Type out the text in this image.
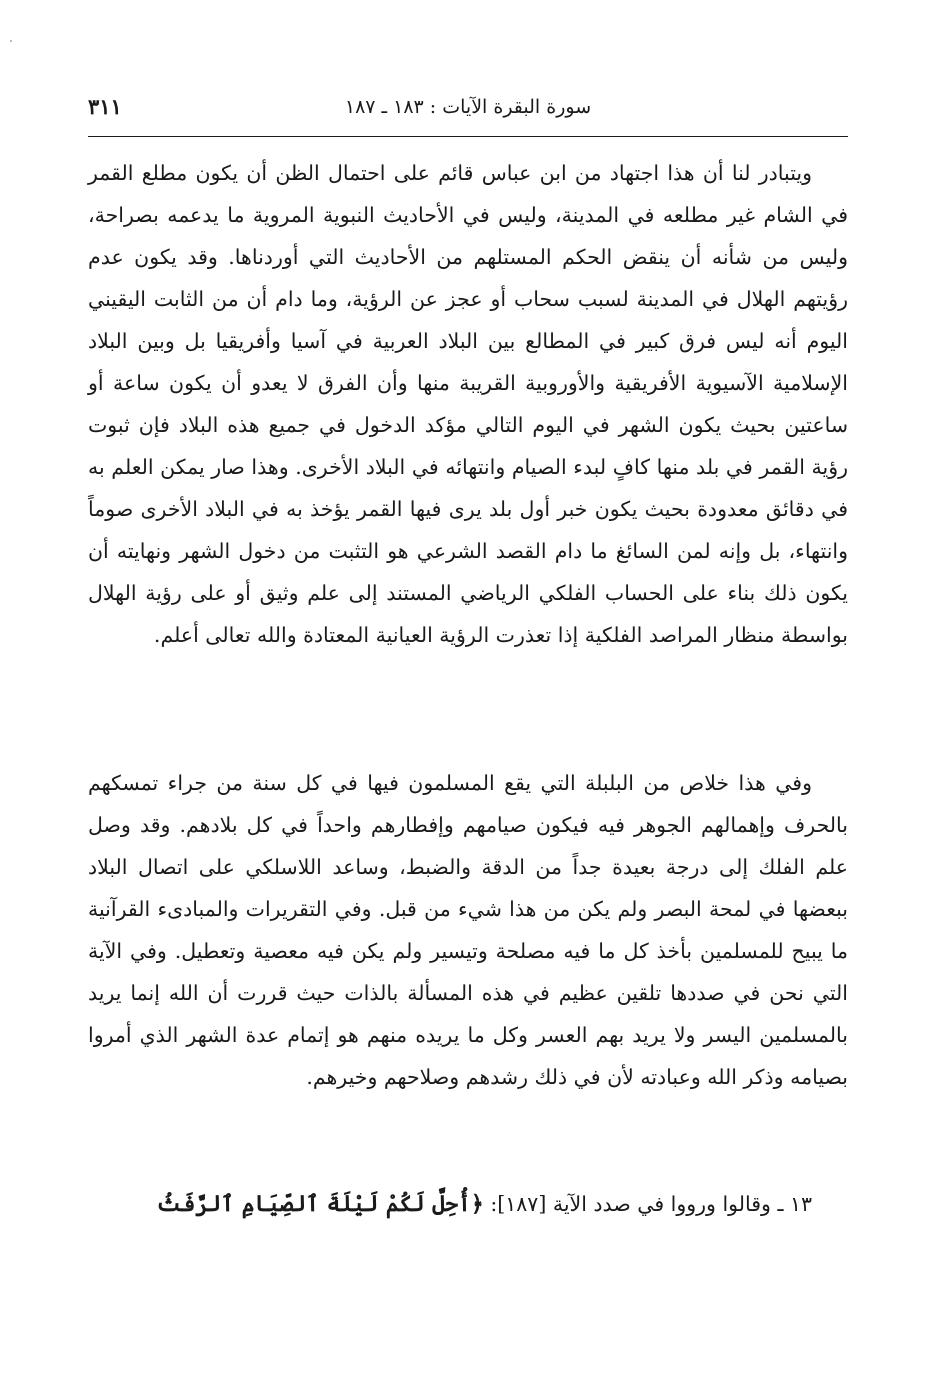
سورة البقرة الآيات : ١٨٣ ـ ١٨٧
٣١١

ويتبادر لنا أن هذا اجتهاد من ابن عباس قائم على احتمال الظن أن يكون مطلع القمر في الشام غير مطلعه في المدينة، وليس في الأحاديث النبوية المروية ما يدعمه بصراحة، وليس من شأنه أن ينقض الحكم المستلهم من الأحاديث التي أوردناها. وقد يكون عدم رؤيتهم الهلال في المدينة لسبب سحاب أو عجز عن الرؤية، وما دام أن من الثابت اليقيني اليوم أنه ليس فرق كبير في المطالع بين البلاد العربية في آسيا وأفريقيا بل وبين البلاد الإسلامية الآسيوية الأفريقية والأوروبية القريبة منها وأن الفرق لا يعدو أن يكون ساعة أو ساعتين بحيث يكون الشهر في اليوم التالي مؤكد الدخول في جميع هذه البلاد فإن ثبوت رؤية القمر في بلد منها كافٍ لبدء الصيام وانتهائه في البلاد الأخرى. وهذا صار يمكن العلم به في دقائق معدودة بحيث يكون خبر أول بلد يرى فيها القمر يؤخذ به في البلاد الأخرى صوماً وانتهاء، بل وإنه لمن السائغ ما دام القصد الشرعي هو التثبت من دخول الشهر ونهايته أن يكون ذلك بناء على الحساب الفلكي الرياضي المستند إلى علم وثيق أو على رؤية الهلال بواسطة منظار المراصد الفلكية إذا تعذرت الرؤية العيانية المعتادة والله تعالى أعلم.

وفي هذا خلاص من البلبلة التي يقع المسلمون فيها في كل سنة من جراء تمسكهم بالحرف وإهمالهم الجوهر فيه فيكون صيامهم وإفطارهم واحداً في كل بلادهم. وقد وصل علم الفلك إلى درجة بعيدة جداً من الدقة والضبط، وساعد اللاسلكي على اتصال البلاد ببعضها في لمحة البصر ولم يكن من هذا شيء من قبل. وفي التقريرات والمبادىء القرآنية ما يبيح للمسلمين بأخذ كل ما فيه مصلحة وتيسير ولم يكن فيه معصية وتعطيل. وفي الآية التي نحن في صددها تلقين عظيم في هذه المسألة بالذات حيث قررت أن الله إنما يريد بالمسلمين اليسر ولا يريد بهم العسر وكل ما يريده منهم هو إتمام عدة الشهر الذي أمروا بصيامه وذكر الله وعبادته لأن في ذلك رشدهم وصلاحهم وخيرهم.

١٣ ـ وقالوا ورووا في صدد الآية [١٨٧]: ﴿أُحِلَّ لَكُمْ لَيْلَةَ ٱلصِّيَامِ ٱلرَّفَثُ
